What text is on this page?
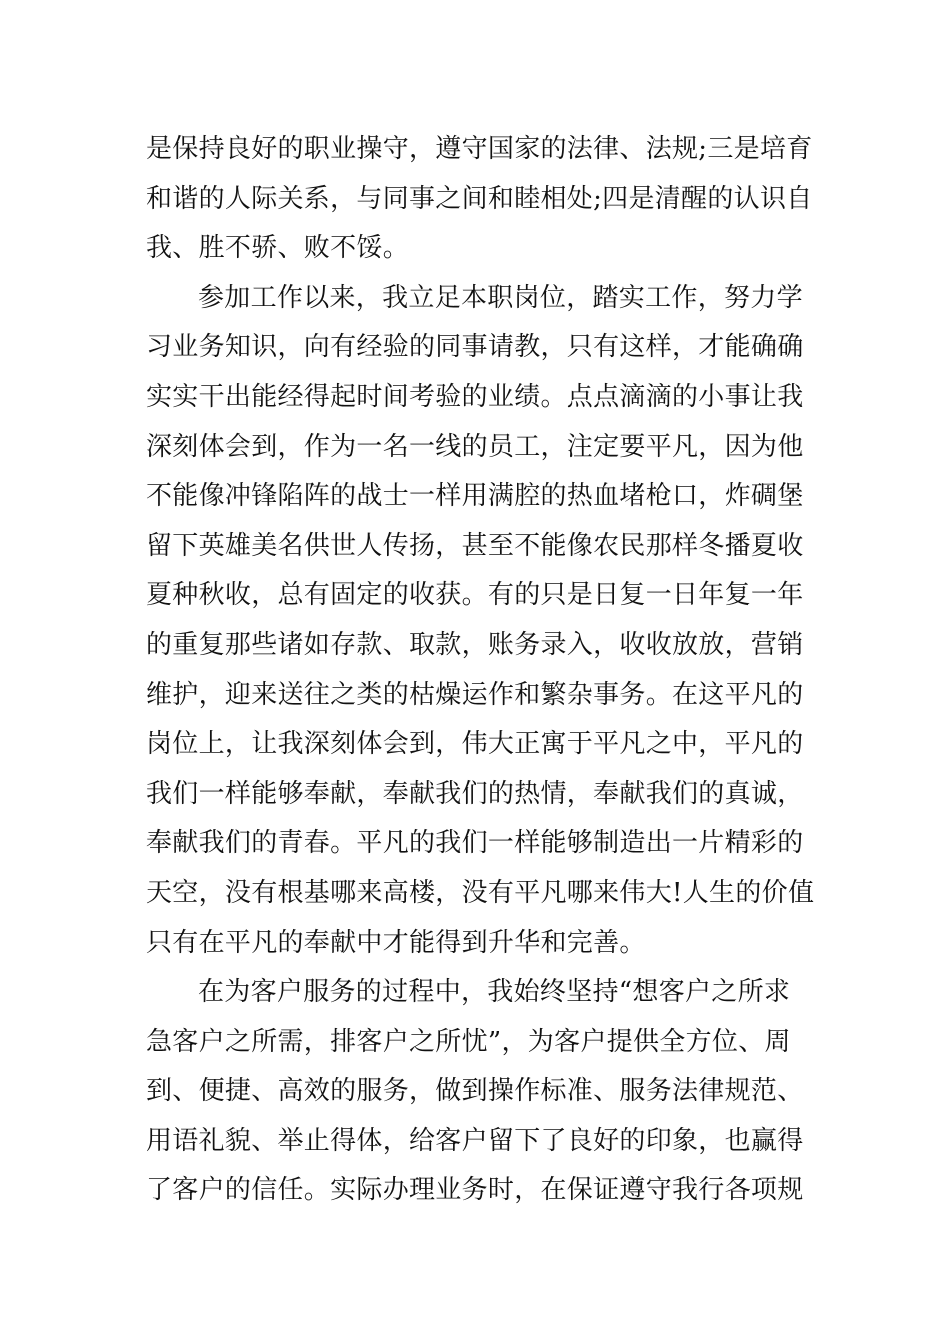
是保持良好的职业操守，遵守国家的法律、法规;三是培育
和谐的人际关系，与同事之间和睦相处;四是清醒的认识自
我、胜不骄、败不馁。
参加工作以来，我立足本职岗位，踏实工作，努力学
习业务知识，向有经验的同事请教，只有这样，才能确确
实实干出能经得起时间考验的业绩。点点滴滴的小事让我
深刻体会到，作为一名一线的员工，注定要平凡，因为他
不能像冲锋陷阵的战士一样用满腔的热血堵枪口，炸碉堡
留下英雄美名供世人传扬，甚至不能像农民那样冬播夏收
夏种秋收，总有固定的收获。有的只是日复一日年复一年
的重复那些诸如存款、取款，账务录入，收收放放，营销
维护，迎来送往之类的枯燥运作和繁杂事务。在这平凡的
岗位上，让我深刻体会到，伟大正寓于平凡之中，平凡的
我们一样能够奉献，奉献我们的热情，奉献我们的真诚，
奉献我们的青春。平凡的我们一样能够制造出一片精彩的
天空，没有根基哪来高楼，没有平凡哪来伟大!人生的价值
只有在平凡的奉献中才能得到升华和完善。
在为客户服务的过程中，我始终坚持“想客户之所求
急客户之所需，排客户之所忧”，为客户提供全方位、周
到、便捷、高效的服务，做到操作标准、服务法律规范、
用语礼貌、举止得体，给客户留下了良好的印象，也赢得
了客户的信任。实际办理业务时，在保证遵守我行各项规
